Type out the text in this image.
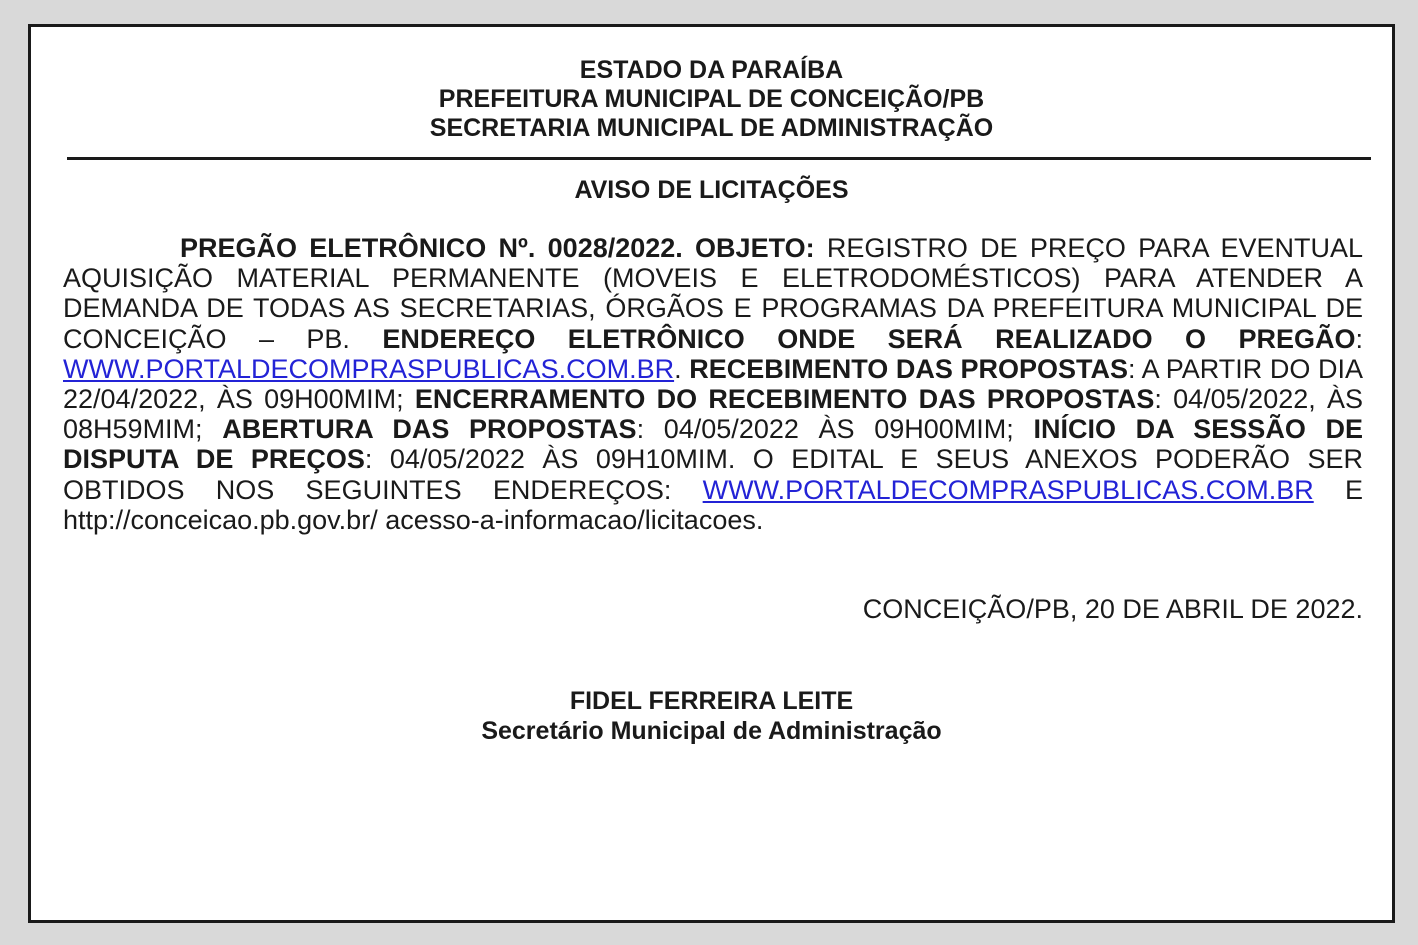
ESTADO DA PARAÍBA
PREFEITURA MUNICIPAL DE CONCEIÇÃO/PB
SECRETARIA MUNICIPAL DE ADMINISTRAÇÃO
AVISO DE LICITAÇÕES

PREGÃO ELETRÔNICO Nº. 0028/2022. OBJETO: REGISTRO DE PREÇO PARA EVENTUAL AQUISIÇÃO MATERIAL PERMANENTE (MOVEIS E ELETRODOMÉSTICOS) PARA ATENDER A DEMANDA DE TODAS AS SECRETARIAS, ÓRGÃOS E PROGRAMAS DA PREFEITURA MUNICIPAL DE CONCEIÇÃO – PB. ENDEREÇO ELETRÔNICO ONDE SERÁ REALIZADO O PREGÃO: WWW.PORTALDECOMPRASPUBLICAS.COM.BR. RECEBIMENTO DAS PROPOSTAS: A PARTIR DO DIA 22/04/2022, ÀS 09H00MIM; ENCERRAMENTO DO RECEBIMENTO DAS PROPOSTAS: 04/05/2022, ÀS 08H59MIM; ABERTURA DAS PROPOSTAS: 04/05/2022 ÀS 09H00MIM; INÍCIO DA SESSÃO DE DISPUTA DE PREÇOS: 04/05/2022 ÀS 09H10MIM. O EDITAL E SEUS ANEXOS PODERÃO SER OBTIDOS NOS SEGUINTES ENDEREÇOS: WWW.PORTALDECOMPRASPUBLICAS.COM.BR E http://conceicao.pb.gov.br/ acesso-a-informacao/licitacoes.

CONCEIÇÃO/PB, 20 DE ABRIL DE 2022.
FIDEL FERREIRA LEITE
Secretário Municipal de Administração
